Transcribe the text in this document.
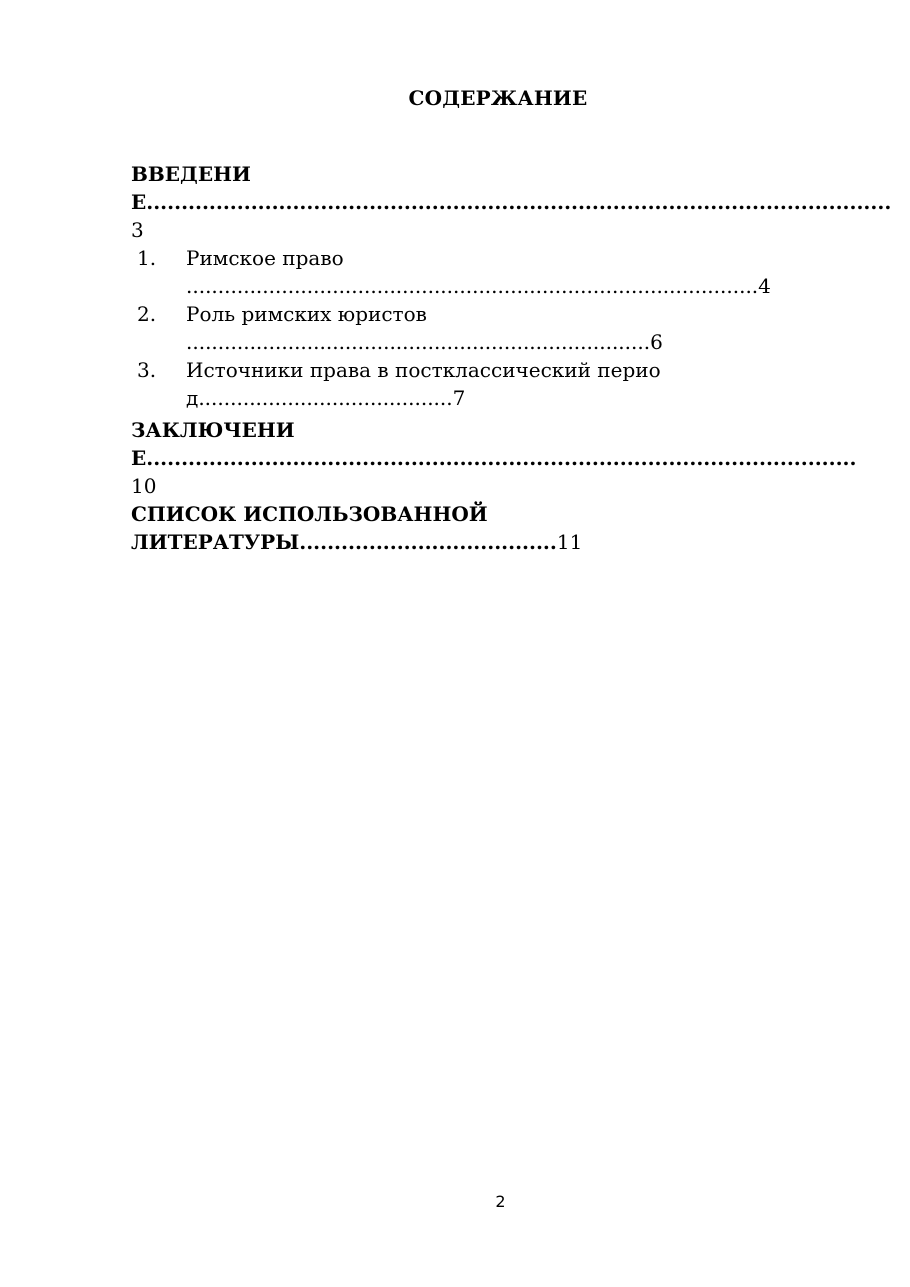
СОДЕРЖАНИЕ

ВВЕДЕНИЕ...........................................................................................................3

1. Римское право
..........................................................................................4
2. Роль римских юристов
.........................................................................6
3. Источники права в постклассический период........................................7

ЗАКЛЮЧЕНИЕ......................................................................................................10

СПИСОК ИСПОЛЬЗОВАННОЙ
ЛИТЕРАТУРЫ.....................................11

2
